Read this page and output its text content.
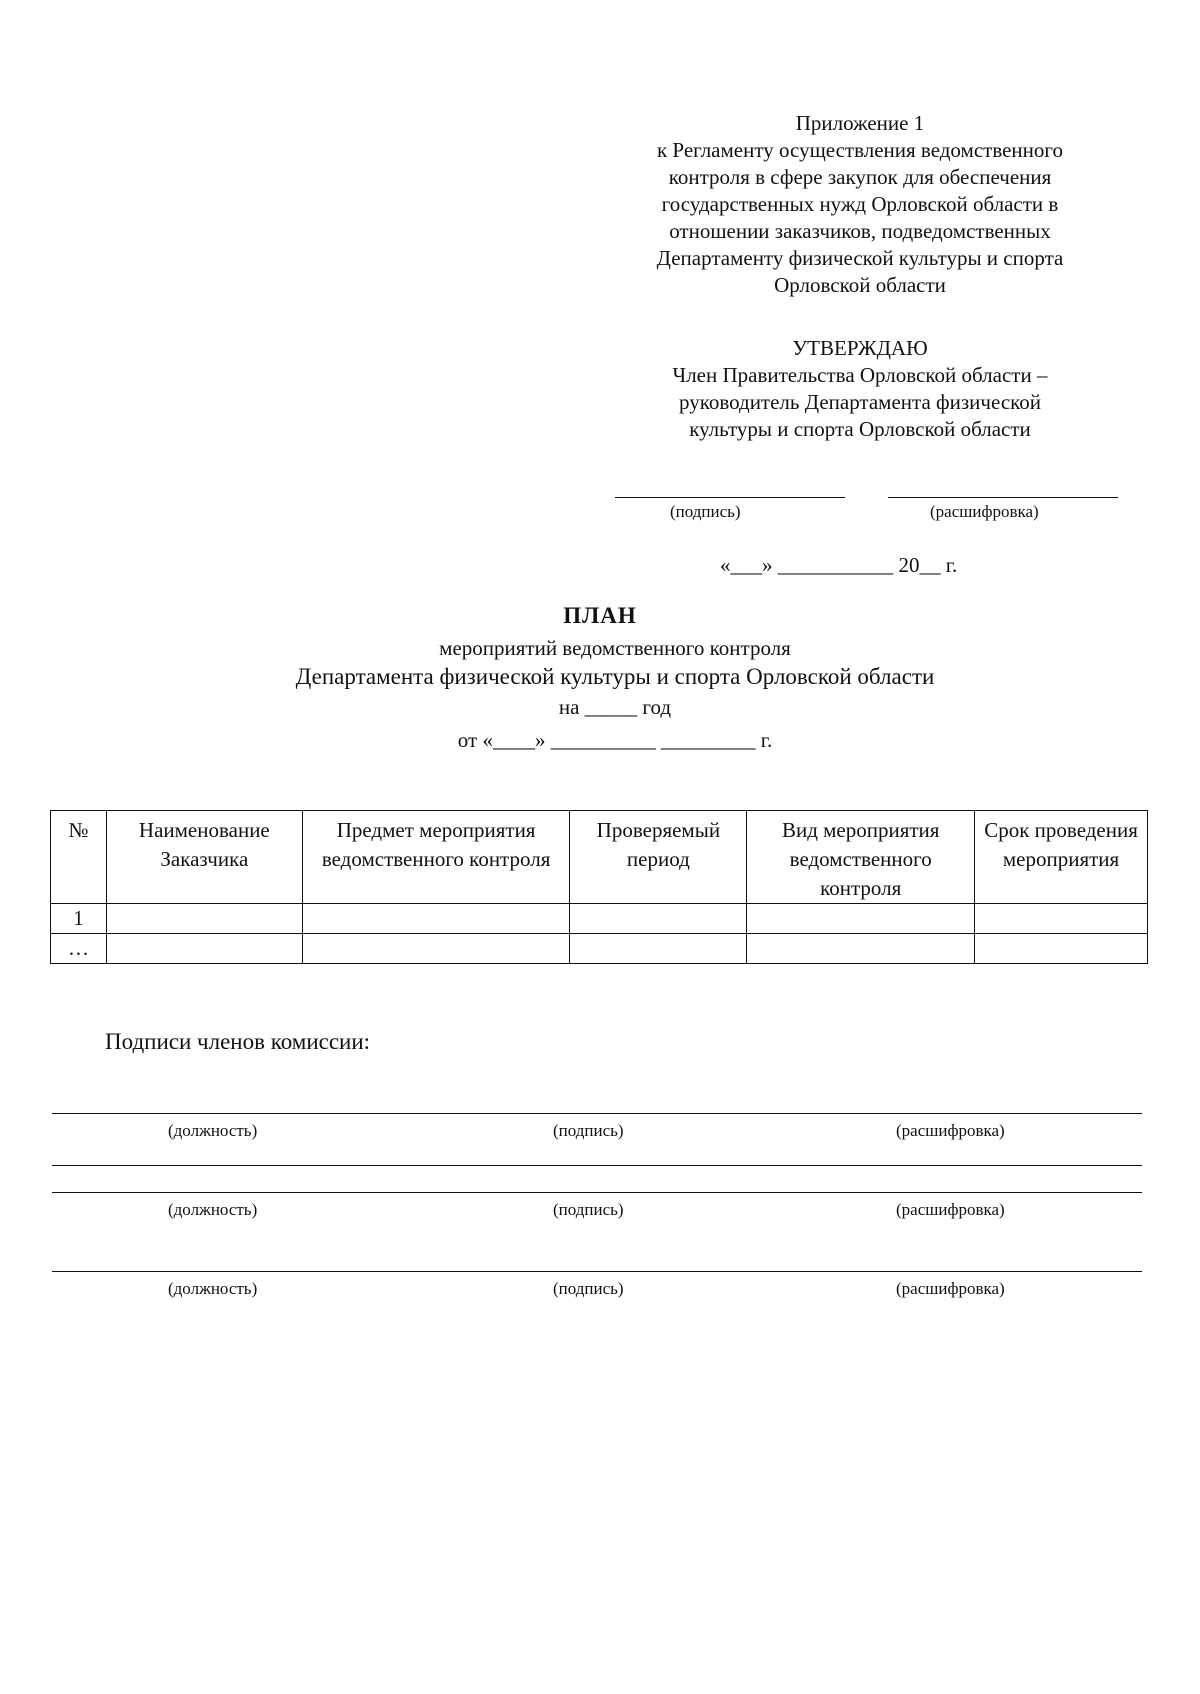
Приложение 1
к Регламенту осуществления ведомственного
контроля в сфере закупок для обеспечения
государственных нужд Орловской области в
отношении заказчиков, подведомственных
Департаменту физической культуры и спорта
Орловской области
УТВЕРЖДАЮ
Член Правительства Орловской области –
руководитель Департамента физической
культуры и спорта Орловской области
(подпись)	(расшифровка)
«___» ___________ 20__ г.
ПЛАН
мероприятий ведомственного контроля
Департамента физической культуры и спорта Орловской области
на _____ год
от «____» __________ _________ г.
№	Наименование Заказчика	Предмет мероприятия ведомственного контроля	Проверяемый период	Вид мероприятия ведомственного контроля	Срок проведения мероприятия
1					
…					
Подписи членов комиссии:
(должность)	(подпись)	(расшифровка)
(должность)	(подпись)	(расшифровка)
(должность)	(подпись)	(расшифровка)
